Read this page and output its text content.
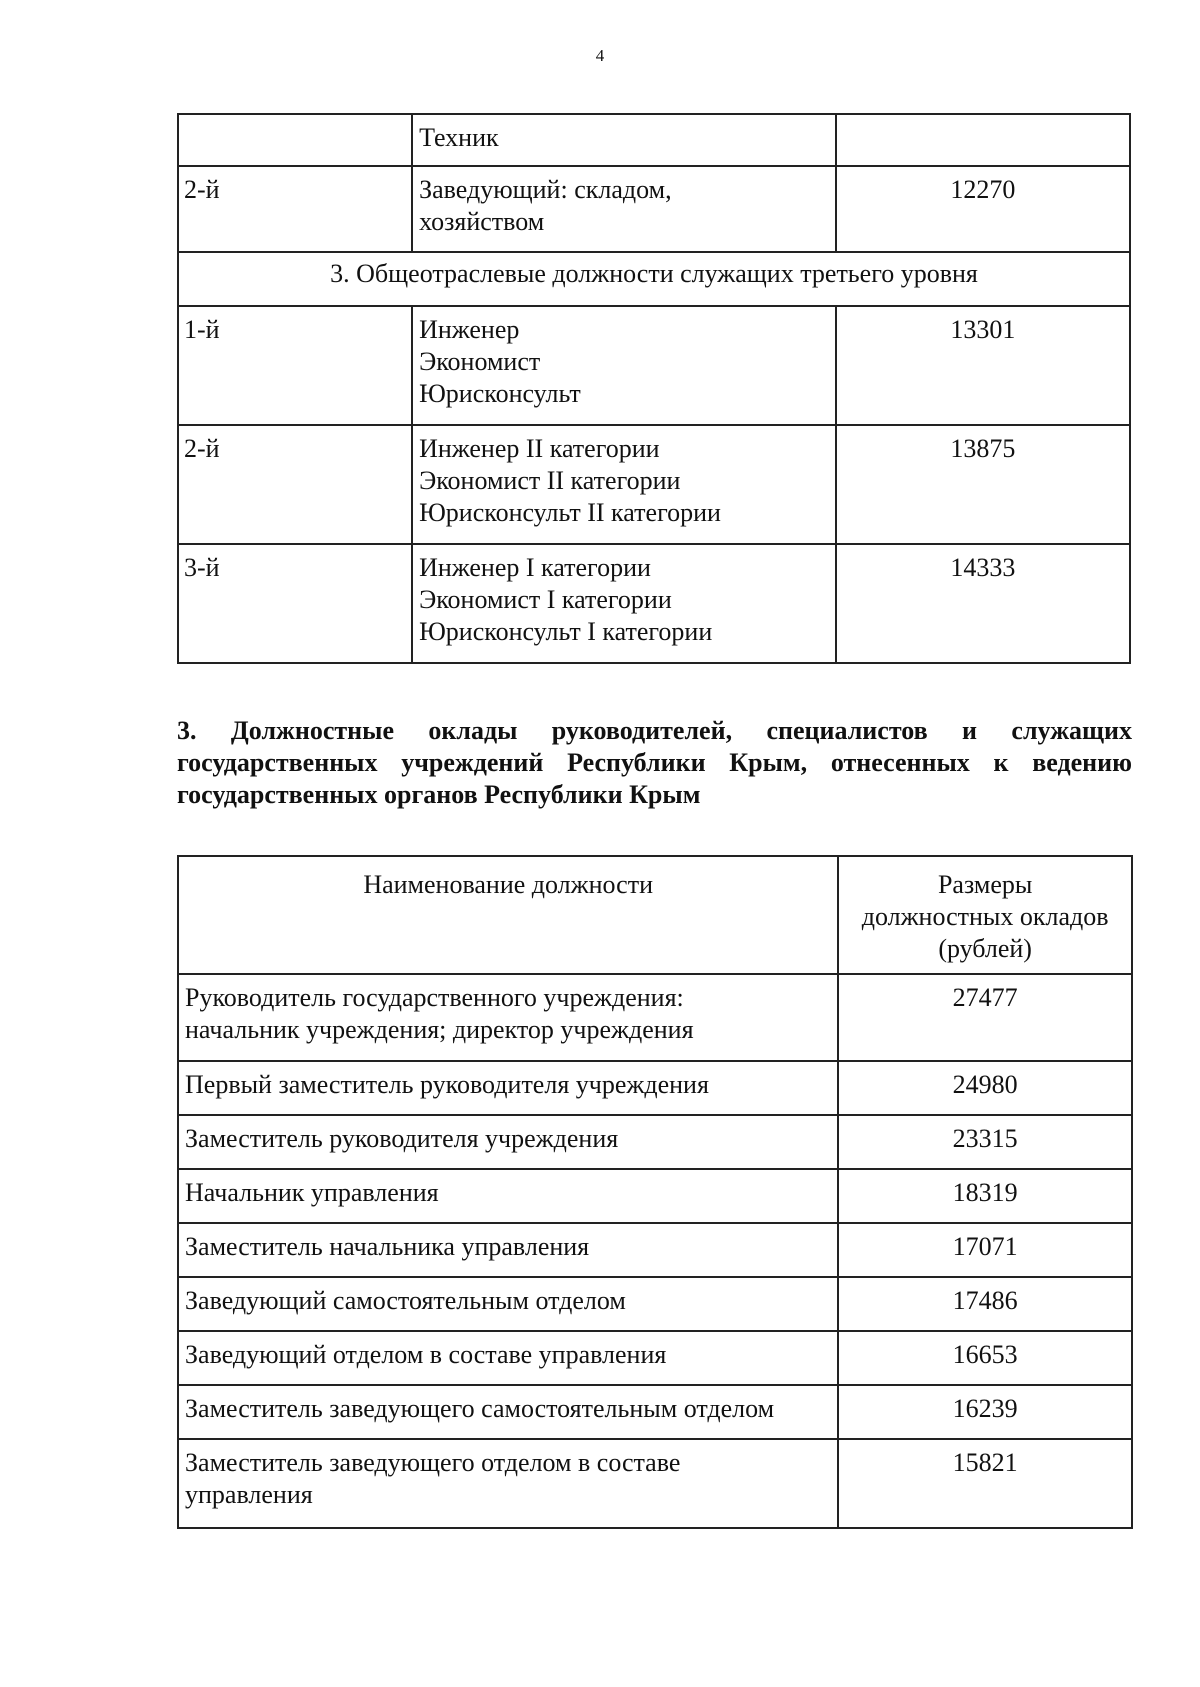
4

	Техник	

2-й	Заведующий: складом,
хозяйством	12270
3. Общеотраслевые должности служащих третьего уровня		
1-й	Инженер
Экономист
Юрисконсульт	13301
2-й	Инженер II категории
Экономист II категории
Юрисконсульт II категории	13875
3-й	Инженер I категории
Экономист I категории
Юрисконсульт I категории	14333
3. Должностные оклады руководителей, специалистов и служащих государственных учреждений Республики Крым, отнесенных к ведению государственных органов Республики Крым
Наименование должности	Размеры
должностных окладов
(рублей)

Руководитель государственного учреждения:
начальник учреждения; директор учреждения	27477

Первый заместитель руководителя учреждения	24980

Заместитель руководителя учреждения	23315

Начальник управления	18319

Заместитель начальника управления	17071

Заведующий самостоятельным отделом	17486

Заведующий отделом в составе управления	16653

Заместитель заведующего самостоятельным отделом	16239

Заместитель заведующего отделом в составе
управления	15821
